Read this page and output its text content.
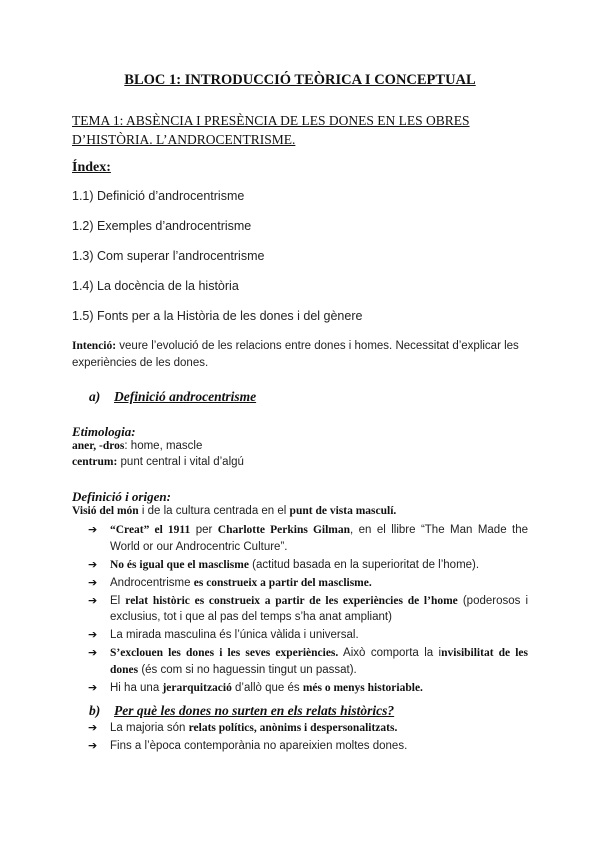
BLOC 1: INTRODUCCIÓ TEÒRICA I CONCEPTUAL
TEMA 1: ABSÈNCIA I PRESÈNCIA DE LES DONES EN LES OBRES D’HISTÒRIA. L’ANDROCENTRISME.
Índex:
1.1) Definició d’androcentrisme
1.2) Exemples d’androcentrisme
1.3) Com superar l’androcentrisme
1.4) La docència de la història
1.5) Fonts per a la Història de les dones i del gènere
Intenció: veure l’evolució de les relacions entre dones i homes. Necessitat d’explicar les experiències de les dones.
a) Definició androcentrisme
Etimologia:
aner, -dros: home, mascle
centrum: punt central i vital d’algú
Definició i origen:
Visió del món i de la cultura centrada en el punt de vista masculí.
➔ “Creat” el 1911 per Charlotte Perkins Gilman, en el llibre “The Man Made the World or our Androcentric Culture”.
➔ No és igual que el masclisme (actitud basada en la superioritat de l’home).
➔ Androcentrisme es construeix a partir del masclisme.
➔ El relat històric es construeix a partir de les experiències de l’home (poderosos i exclusius, tot i que al pas del temps s’ha anat ampliant)
➔ La mirada masculina és l’única vàlida i universal.
➔ S’exclouen les dones i les seves experiències. Això comporta la invisibilitat de les dones (és com si no haguessin tingut un passat).
➔ Hi ha una jerarquització d’allò que és més o menys historiable.
b) Per què les dones no surten en els relats històrics?
➔ La majoria són relats polítics, anònims i despersonalitzats.
➔ Fins a l’època contemporània no apareixien moltes dones.
